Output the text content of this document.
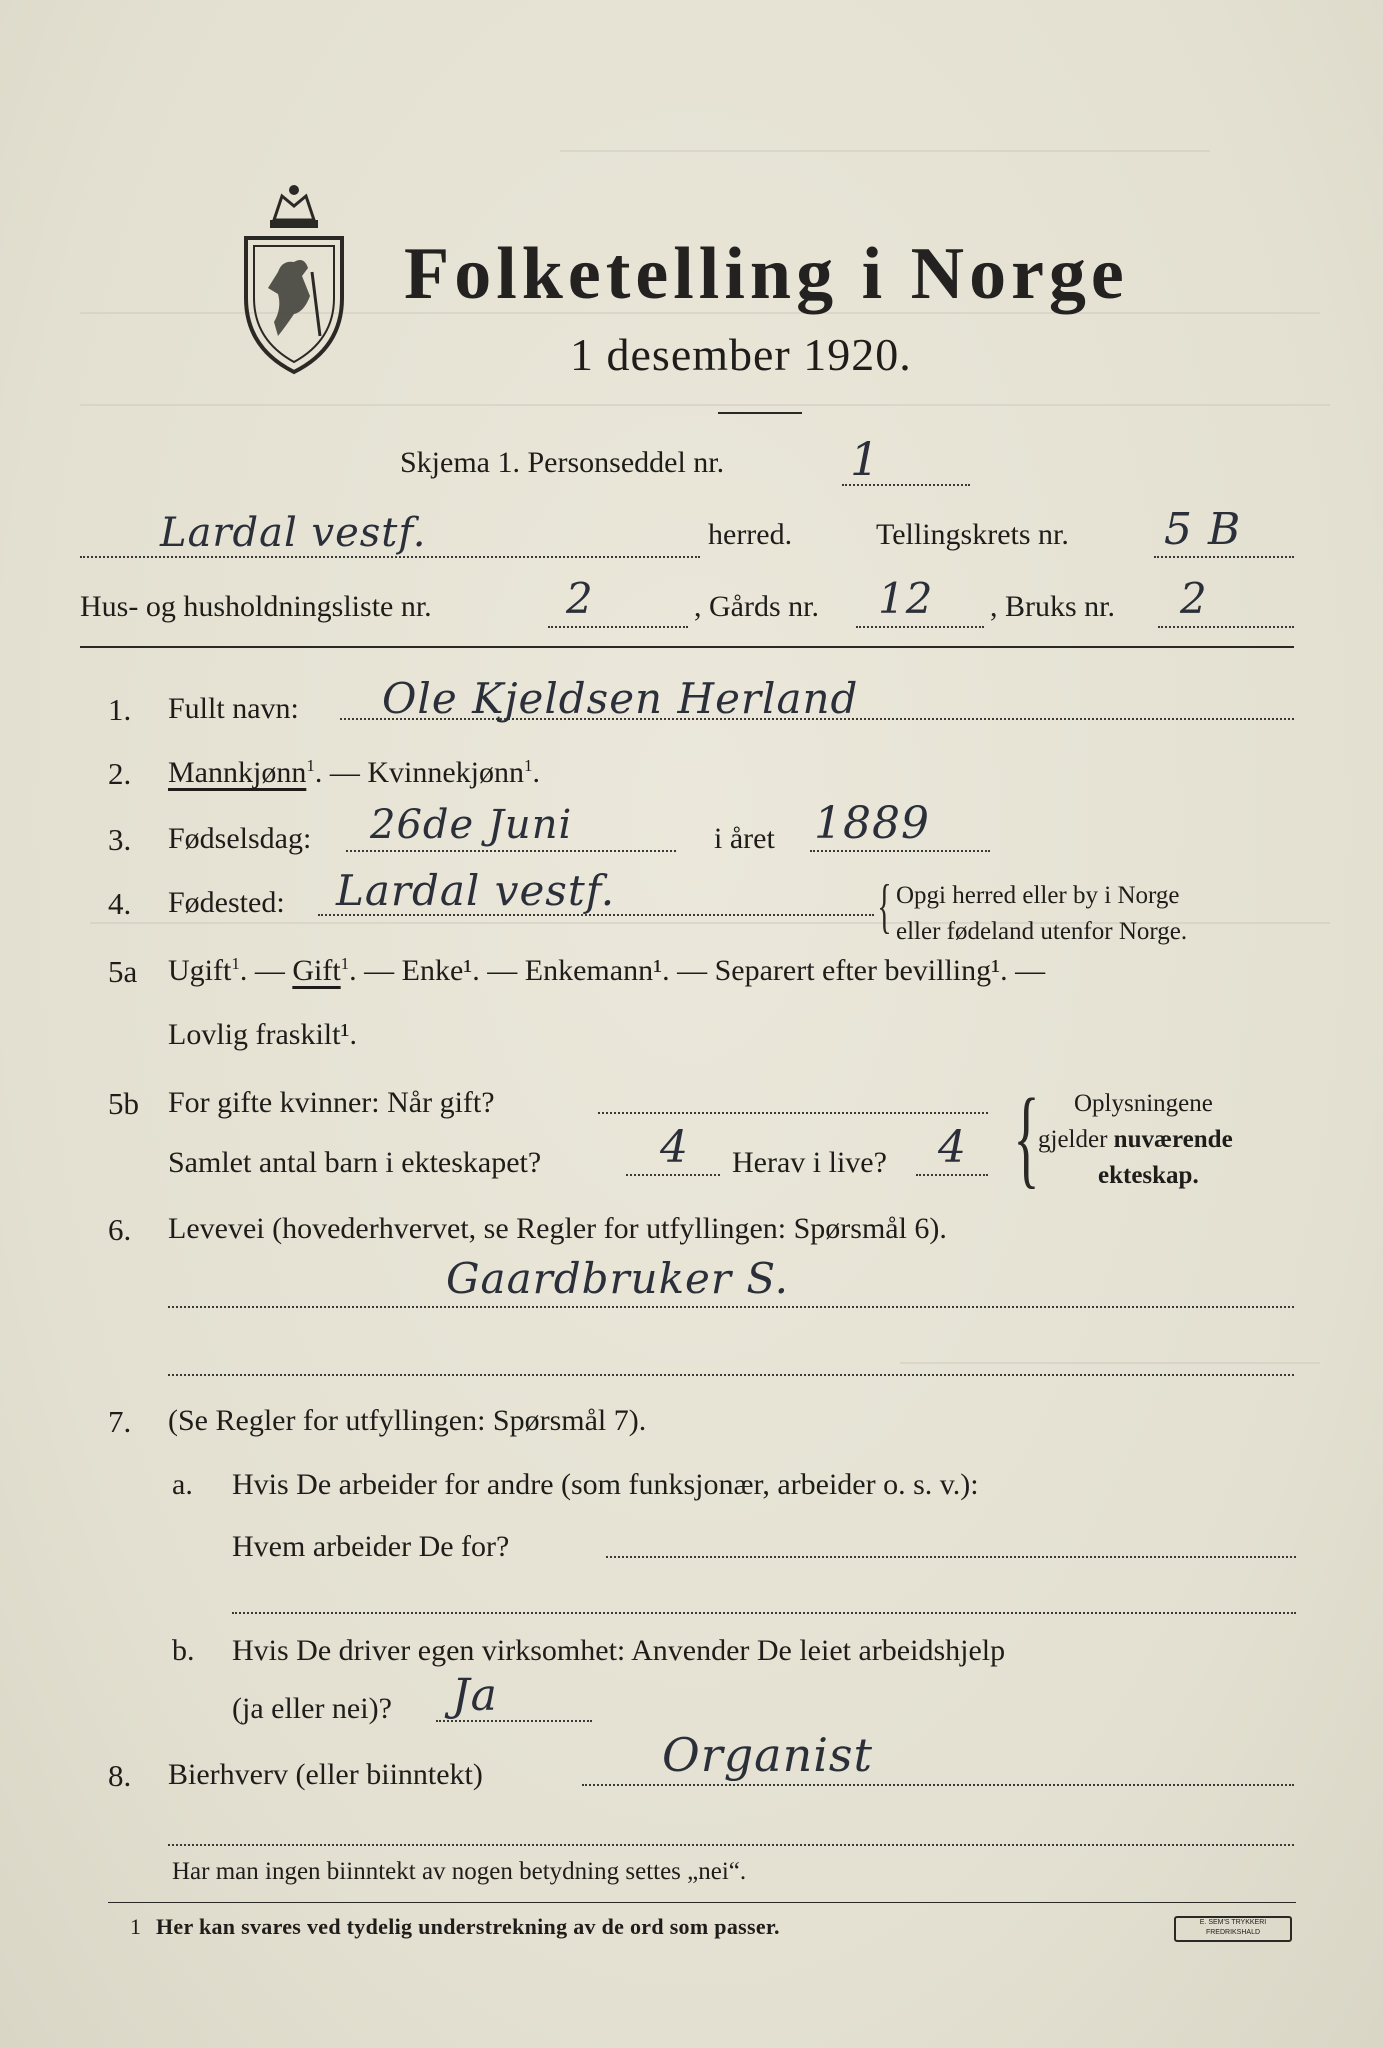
Folketelling i Norge
1 desember 1920.
Skjema 1. Personseddel nr.	1
Lardal vestf.	herred.	Tellingskrets nr. 5 B
Hus- og husholdningsliste nr.	2	, Gårds nr. 12 , Bruks nr. 2
1. Fullt navn: Ole Kjeldsen Herland
2. Mannkjønn$^1$. — Kvinnekjønn$^1$.
3. Fødselsdag: 26de Juni	i året 1889
4. Fødested: Lardal vestf.	{ Opgi herred eller by i Norge
eller fødeland utenfor Norge.
5a Ugift$^1$. — Gift$^1$. — Enke¹. — Enkemann¹. — Separert efter bevilling¹. —
Lovlig fraskilt¹.
5b For gifte kvinner: Når gift?
Samlet antal barn i ekteskapet?	4 Herav i live? 4 { Oplysningene
gjelder nuværende
ekteskap.
6. Levevei (hovederhvervet, se Regler for utfyllingen: Spørsmål 6).
Gaardbruker S.
7. (Se Regler for utfyllingen: Spørsmål 7).
a. Hvis De arbeider for andre (som funksjonær, arbeider o. s. v.):
Hvem arbeider De for?
b. Hvis De driver egen virksomhet: Anvender De leiet arbeidshjelp
(ja eller nei)? Ja
8. Bierhverv (eller biinntekt)	Organist
Har man ingen biinntekt av nogen betydning settes „nei“.
1 Her kan svares ved tydelig understrekning av de ord som passer.	E. SEM'S TRYKKERI FREDRIKSHALD
